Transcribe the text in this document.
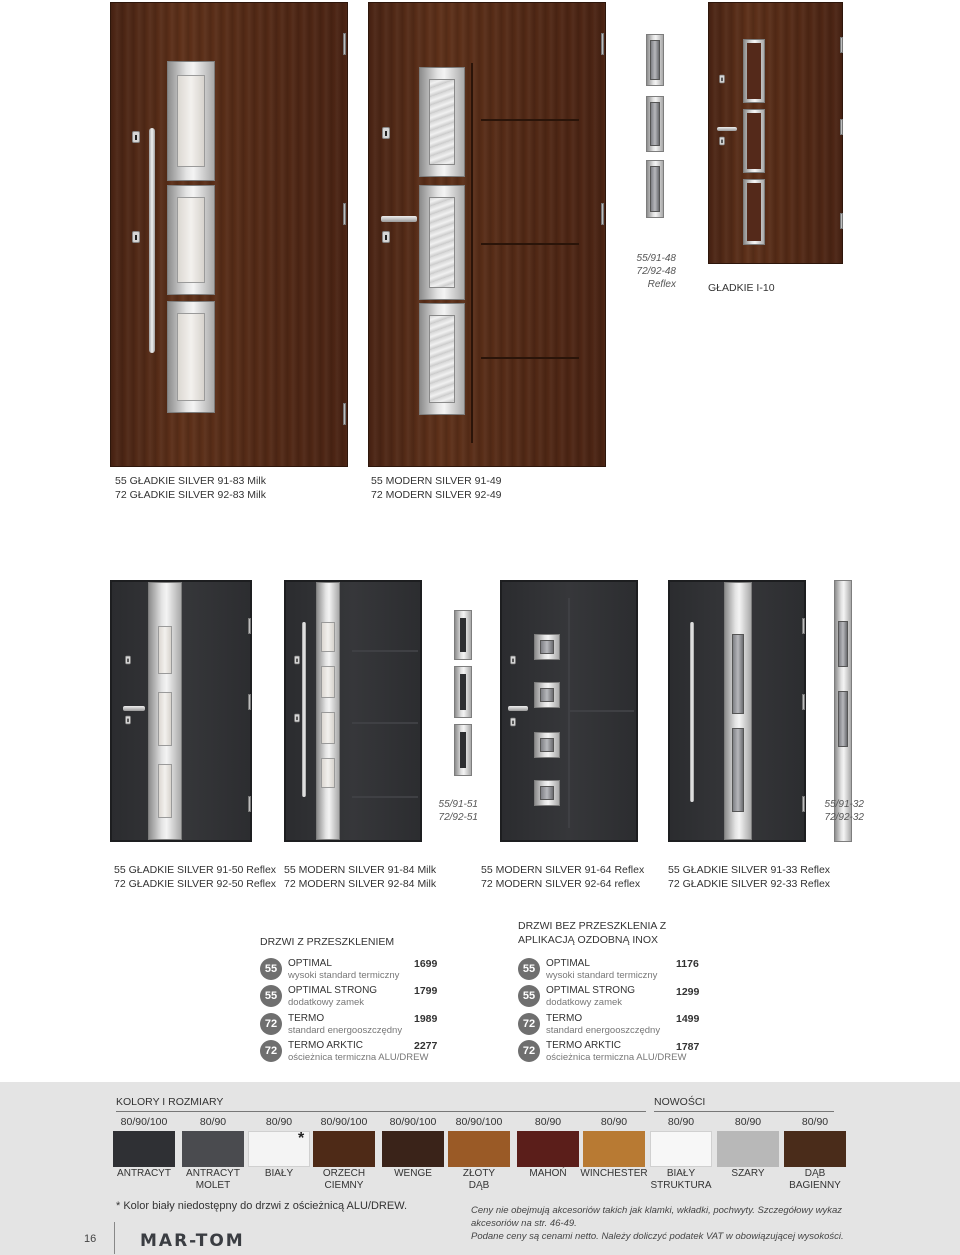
55 GŁADKIE SILVER 91-83 Milk
72 GŁADKIE SILVER 92-83 Milk
55 MODERN SILVER 91-49
72 MODERN SILVER 92-49
55/91-48
72/92-48
Reflex	GŁADKIE I-10
55/91-51
72/92-51
55/91-32
72/92-32
55 GŁADKIE SILVER 91-50 Reflex
72 GŁADKIE SILVER 92-50 Reflex
55 MODERN SILVER 91-84 Milk
72 MODERN SILVER 92-84 Milk
55 MODERN SILVER 91-64 Reflex
72 MODERN SILVER 92-64 reflex
55 GŁADKIE SILVER 91-33 Reflex
72 GŁADKIE SILVER 92-33 Reflex
DRZWI Z PRZESZKLENIEM
DRZWI BEZ PRZESZKLENIA Z APLIKACJĄ OZDOBNĄ INOX
55	OPTIMAL
wysoki standard termiczny
1699
55	OPTIMAL STRONG
dodatkowy zamek
1799
72	TERMO
standard energooszczędny
1989
72	TERMO ARKTIC
ościeżnica termiczna ALU/DREW
2277
55	OPTIMAL
wysoki standard termiczny
1176
55	OPTIMAL STRONG
dodatkowy zamek
1299
72	TERMO
standard energooszczędny
1499
72	TERMO ARKTIC
ościeżnica termiczna ALU/DREW
1787
KOLORY I ROZMIARY	NOWOŚCI
80/90/100
ANTRACYT
80/90
ANTRACYT
MOLET
80/90
BIAŁY
80/90/100
ORZECH
CIEMNY
80/90/100
WENGE
80/90/100
ZŁOTY
DĄB
80/90
MAHOŃ
80/90
WINCHESTER
80/90
BIAŁY
STRUKTURA
80/90
SZARY
80/90
DĄB
BAGIENNY
*
* Kolor biały niedostępny do drzwi z ościeżnicą ALU/DREW.	Ceny nie obejmują akcesoriów takich jak klamki, wkładki, pochwyty. Szczegółowy wykaz
akcesoriów na str. 46-49.
Podane ceny są cenami netto. Należy doliczyć podatek VAT w obowiązującej wysokości.
16	MAR-TOM
